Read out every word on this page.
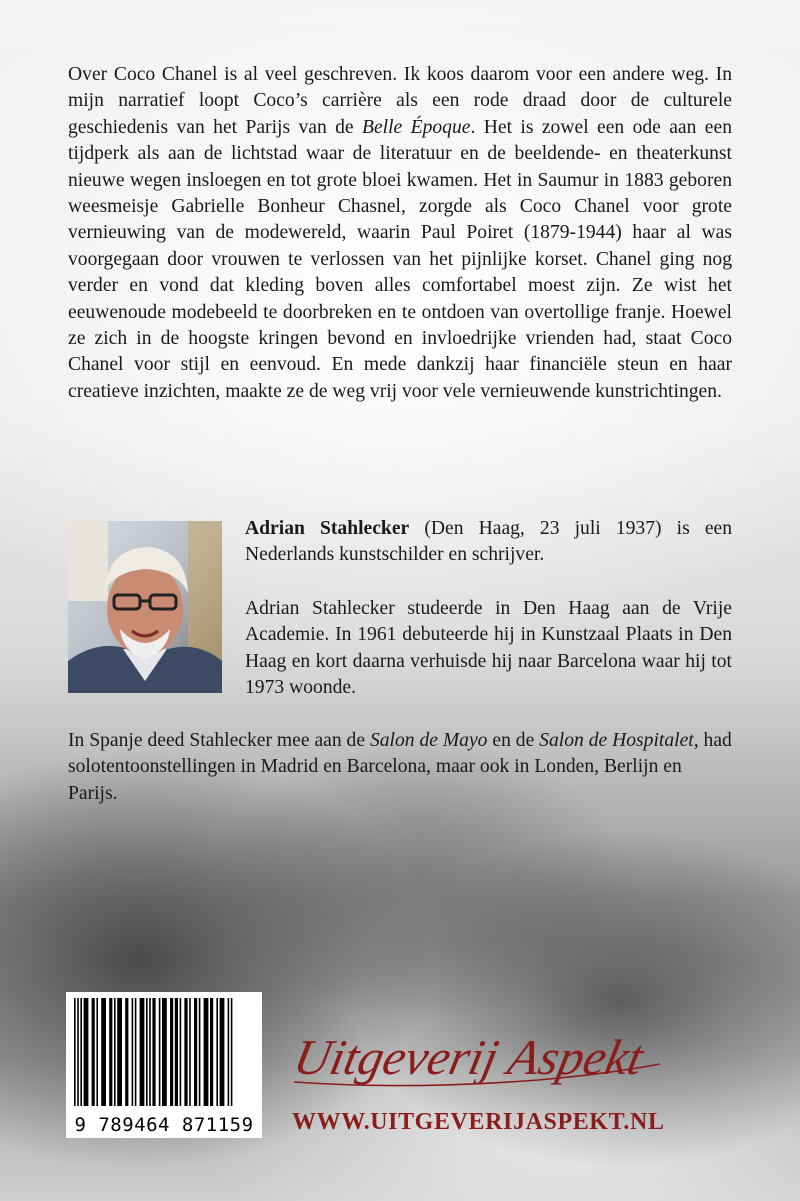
Over Coco Chanel is al veel geschreven. Ik koos daarom voor een andere weg. In mijn narratief loopt Coco’s carrière als een rode draad door de culturele geschiedenis van het Parijs van de Belle Époque. Het is zowel een ode aan een tijdperk als aan de lichtstad waar de literatuur en de beeldende- en theaterkunst nieuwe wegen insloegen en tot grote bloei kwamen. Het in Saumur in 1883 geboren weesmeisje Gabrielle Bonheur Chasnel, zorgde als Coco Chanel voor grote vernieuwing van de modewereld, waarin Paul Poiret (1879-1944) haar al was voorgegaan door vrouwen te verlossen van het pijnlijke korset. Chanel ging nog verder en vond dat kleding boven alles comfortabel moest zijn. Ze wist het eeuwenoude modebeeld te doorbreken en te ontdoen van overtollige franje. Hoewel ze zich in de hoogste kringen bevond en invloedrijke vrienden had, staat Coco Chanel voor stijl en eenvoud. En mede dankzij haar financiële steun en haar creatieve inzichten, maakte ze de weg vrij voor vele vernieuwende kunstrichtingen.

Adrian Stahlecker (Den Haag, 23 juli 1937) is een Nederlands kunstschilder en schrijver.

Adrian Stahlecker studeerde in Den Haag aan de Vrije Academie. In 1961 debuteerde hij in Kunstzaal Plaats in Den Haag en kort daarna verhuisde hij naar Barcelona waar hij tot 1973 woonde.

In Spanje deed Stahlecker mee aan de Salon de Mayo en de Salon de Hospitalet, had solotentoonstellingen in Madrid en Barcelona, maar ook in Londen, Berlijn en Parijs.

9 789464 871159
Uitgeverij Aspekt

WWW.UITGEVERIJASPEKT.NL
